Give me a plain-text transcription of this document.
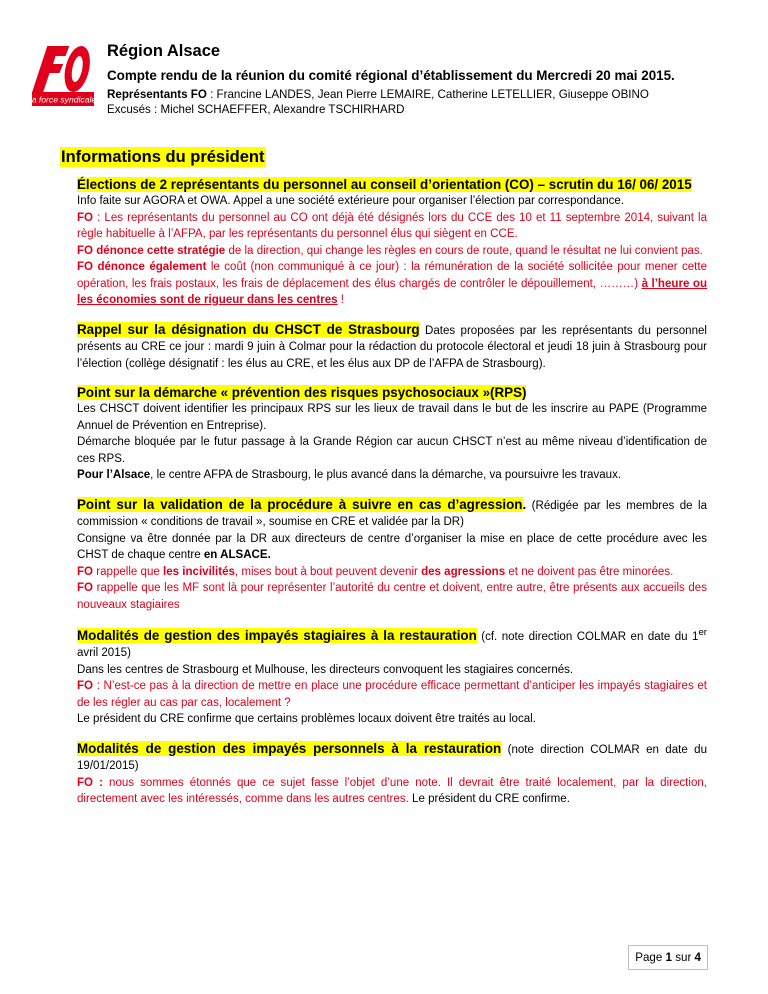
la force syndicale
Région Alsace
Compte rendu de la réunion du comité régional d’établissement du Mercredi 20 mai 2015.
Représentants FO : Francine LANDES, Jean Pierre LEMAIRE, Catherine LETELLIER, Giuseppe OBINO
Excusés : Michel SCHAEFFER, Alexandre TSCHIRHARD
Informations du président
Élections de 2 représentants du personnel au conseil d’orientation (CO) – scrutin du 16/ 06/ 2015

Info faite sur AGORA et OWA. Appel a une société extérieure pour organiser l’élection par correspondance.

FO : Les représentants du personnel au CO ont déjà été désignés lors du CCE des 10 et 11 septembre 2014, suivant la règle habituelle à l’AFPA, par les représentants du personnel élus qui siègent en CCE.

FO dénonce cette stratégie de la direction, qui change les règles en cours de route, quand le résultat ne lui convient pas.

FO dénonce également le coût (non communiqué à ce jour) : la rémunération de la société sollicitée pour mener cette opération, les frais postaux, les frais de déplacement des élus chargés de contrôler le dépouillement, ………) à l’heure ou les économies sont de rigueur dans les centres !

Rappel sur la désignation du CHSCT de Strasbourg Dates proposées par les représentants du personnel présents au CRE ce jour : mardi 9 juin à Colmar pour la rédaction du protocole électoral et jeudi 18 juin à Strasbourg pour l’élection (collège désignatif : les élus au CRE, et les élus aux DP de l’AFPA de Strasbourg).

Point sur la démarche « prévention des risques psychosociaux »(RPS)

Les CHSCT doivent identifier les principaux RPS sur les lieux de travail dans le but de les inscrire au PAPE (Programme Annuel de Prévention en Entreprise).

Démarche bloquée par le futur passage à la Grande Région car aucun CHSCT n’est au même niveau d’identification de ces RPS.

Pour l’Alsace, le centre AFPA de Strasbourg, le plus avancé dans la démarche, va poursuivre les travaux.

Point sur la validation de la procédure à suivre en cas d’agression. (Rédigée par les membres de la commission « conditions de travail », soumise en CRE et validée par la DR)

Consigne va être donnée par la DR aux directeurs de centre d’organiser la mise en place de cette procédure avec les CHST de chaque centre en ALSACE.

FO rappelle que les incivilités, mises bout à bout peuvent devenir des agressions et ne doivent pas être minorées.

FO rappelle que les MF sont là pour représenter l’autorité du centre et doivent, entre autre, être présents aux accueils des nouveaux stagiaires

Modalités de gestion des impayés stagiaires à la restauration (cf. note direction COLMAR en date du 1er avril 2015)

Dans les centres de Strasbourg et Mulhouse, les directeurs convoquent les stagiaires concernés.

FO : N’est-ce pas à la direction de mettre en place une procédure efficace permettant d’anticiper les impayés stagiaires et de les régler au cas par cas, localement ?

Le président du CRE confirme que certains problèmes locaux doivent être traités au local.

Modalités de gestion des impayés personnels à la restauration (note direction COLMAR en date du 19/01/2015)

FO : nous sommes étonnés que ce sujet fasse l’objet d’une note. Il devrait être traité localement, par la direction, directement avec les intéressés, comme dans les autres centres. Le président du CRE confirme.

Page 1 sur 4
